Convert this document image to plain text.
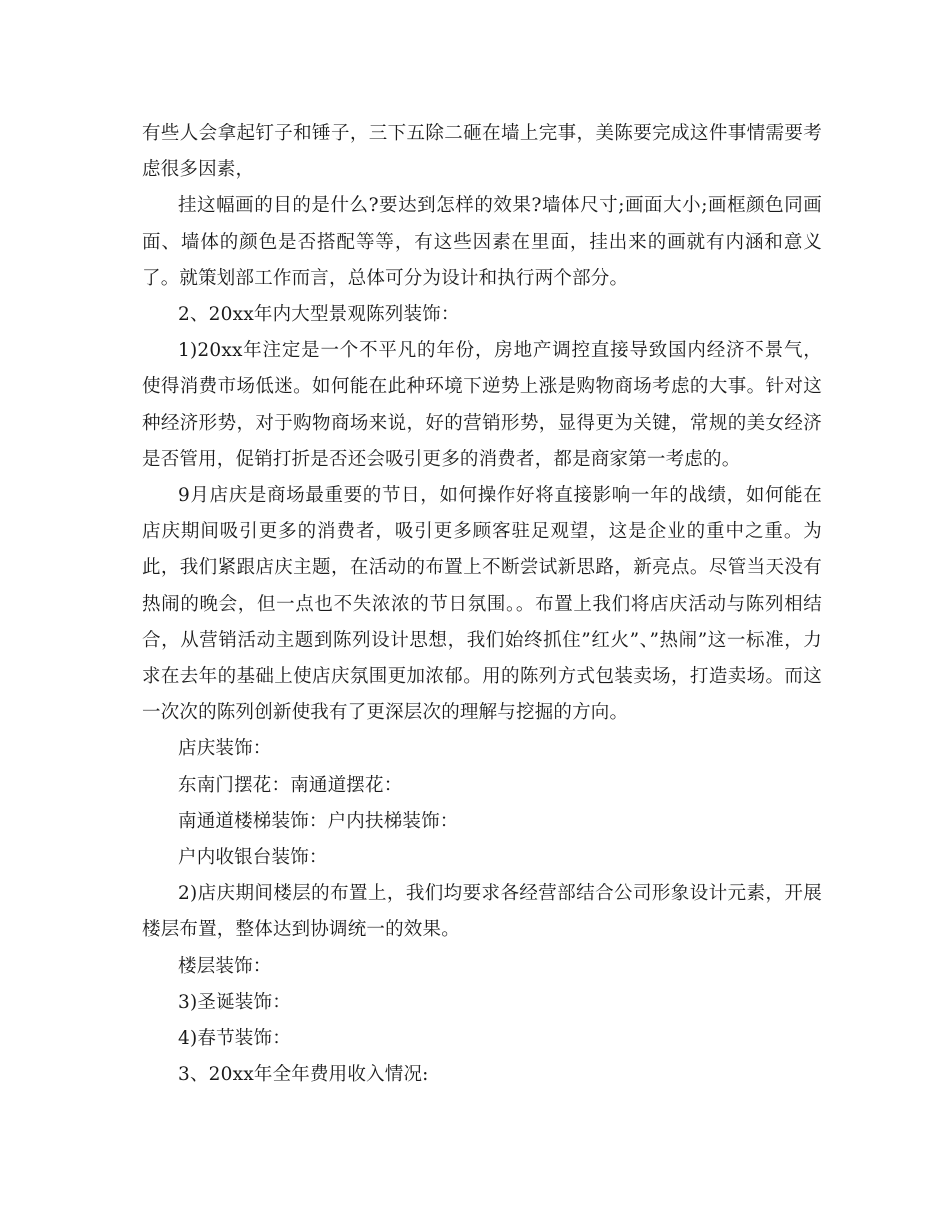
有些人会拿起钉子和锤子，三下五除二砸在墙上完事，美陈要完成这件事情需要考虑很多因素，

挂这幅画的目的是什么?要达到怎样的效果?墙体尺寸;画面大小;画框颜色同画面、墙体的颜色是否搭配等等，有这些因素在里面，挂出来的画就有内涵和意义了。就策划部工作而言，总体可分为设计和执行两个部分。

2、20xx年内大型景观陈列装饰：

1)20xx年注定是一个不平凡的年份，房地产调控直接导致国内经济不景气，使得消费市场低迷。如何能在此种环境下逆势上涨是购物商场考虑的大事。针对这种经济形势，对于购物商场来说，好的营销形势，显得更为关键，常规的美女经济是否管用，促销打折是否还会吸引更多的消费者，都是商家第一考虑的。

9月店庆是商场最重要的节日，如何操作好将直接影响一年的战绩，如何能在店庆期间吸引更多的消费者，吸引更多顾客驻足观望，这是企业的重中之重。为此，我们紧跟店庆主题，在活动的布置上不断尝试新思路，新亮点。尽管当天没有热闹的晚会，但一点也不失浓浓的节日氛围。。布置上我们将店庆活动与陈列相结合，从营销活动主题到陈列设计思想，我们始终抓住”红火”、”热闹”这一标准，力求在去年的基础上使店庆氛围更加浓郁。用的陈列方式包装卖场，打造卖场。而这一次次的陈列创新使我有了更深层次的理解与挖掘的方向。

店庆装饰：

东南门摆花：南通道摆花：

南通道楼梯装饰：户内扶梯装饰：

户内收银台装饰：

2)店庆期间楼层的布置上，我们均要求各经营部结合公司形象设计元素，开展楼层布置，整体达到协调统一的效果。

楼层装饰：

3)圣诞装饰：

4)春节装饰：

3、20xx年全年费用收入情况:
